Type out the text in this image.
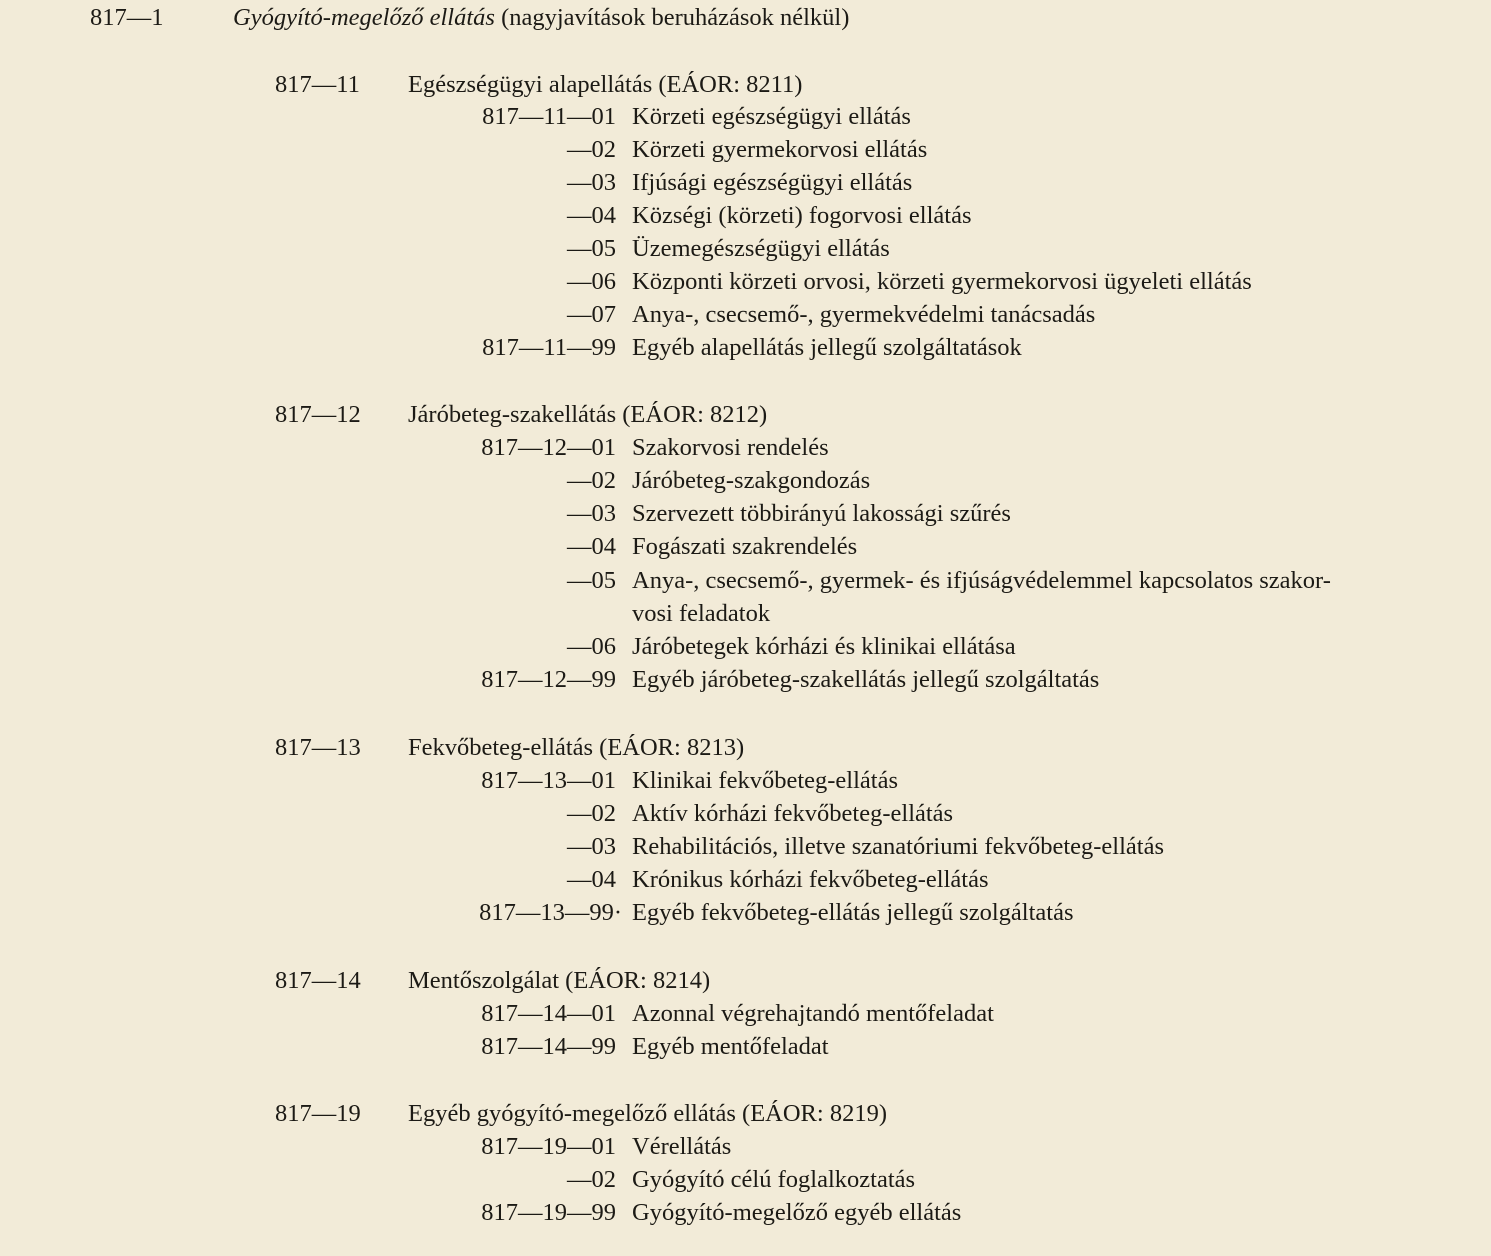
817—1	Gyógyító-megelőző ellátás (nagyjavítások beruházások nélkül)
817—11 Egészségügyi alapellátás (EÁOR: 8211)
817—11—01 Körzeti egészségügyi ellátás
—02 Körzeti gyermekorvosi ellátás
—03 Ifjúsági egészségügyi ellátás
—04 Községi (körzeti) fogorvosi ellátás
—05 Üzemegészségügyi ellátás
—06 Központi körzeti orvosi, körzeti gyermekorvosi ügyeleti ellátás
—07 Anya-, csecsemő-, gyermekvédelmi tanácsadás
817—11—99 Egyéb alapellátás jellegű szolgáltatások
817—12 Járóbeteg-szakellátás (EÁOR: 8212)
817—12—01 Szakorvosi rendelés
—02 Járóbeteg-szakgondozás
—03 Szervezett többirányú lakossági szűrés
—04 Fogászati szakrendelés
—05 Anya-, csecsemő-, gyermek- és ifjúságvédelemmel kapcsolatos szakor-
vosi feladatok
—06 Járóbetegek kórházi és klinikai ellátása
817—12—99 Egyéb járóbeteg-szakellátás jellegű szolgáltatás
817—13 Fekvőbeteg-ellátás (EÁOR: 8213)
817—13—01 Klinikai fekvőbeteg-ellátás
—02 Aktív kórházi fekvőbeteg-ellátás
—03 Rehabilitációs, illetve szanatóriumi fekvőbeteg-ellátás
—04 Krónikus kórházi fekvőbeteg-ellátás
817—13—99· Egyéb fekvőbeteg-ellátás jellegű szolgáltatás
817—14 Mentőszolgálat (EÁOR: 8214)
817—14—01 Azonnal végrehajtandó mentőfeladat
817—14—99 Egyéb mentőfeladat
817—19 Egyéb gyógyító-megelőző ellátás (EÁOR: 8219)
817—19—01 Vérellátás
—02 Gyógyító célú foglalkoztatás
817—19—99 Gyógyító-megelőző egyéb ellátás
